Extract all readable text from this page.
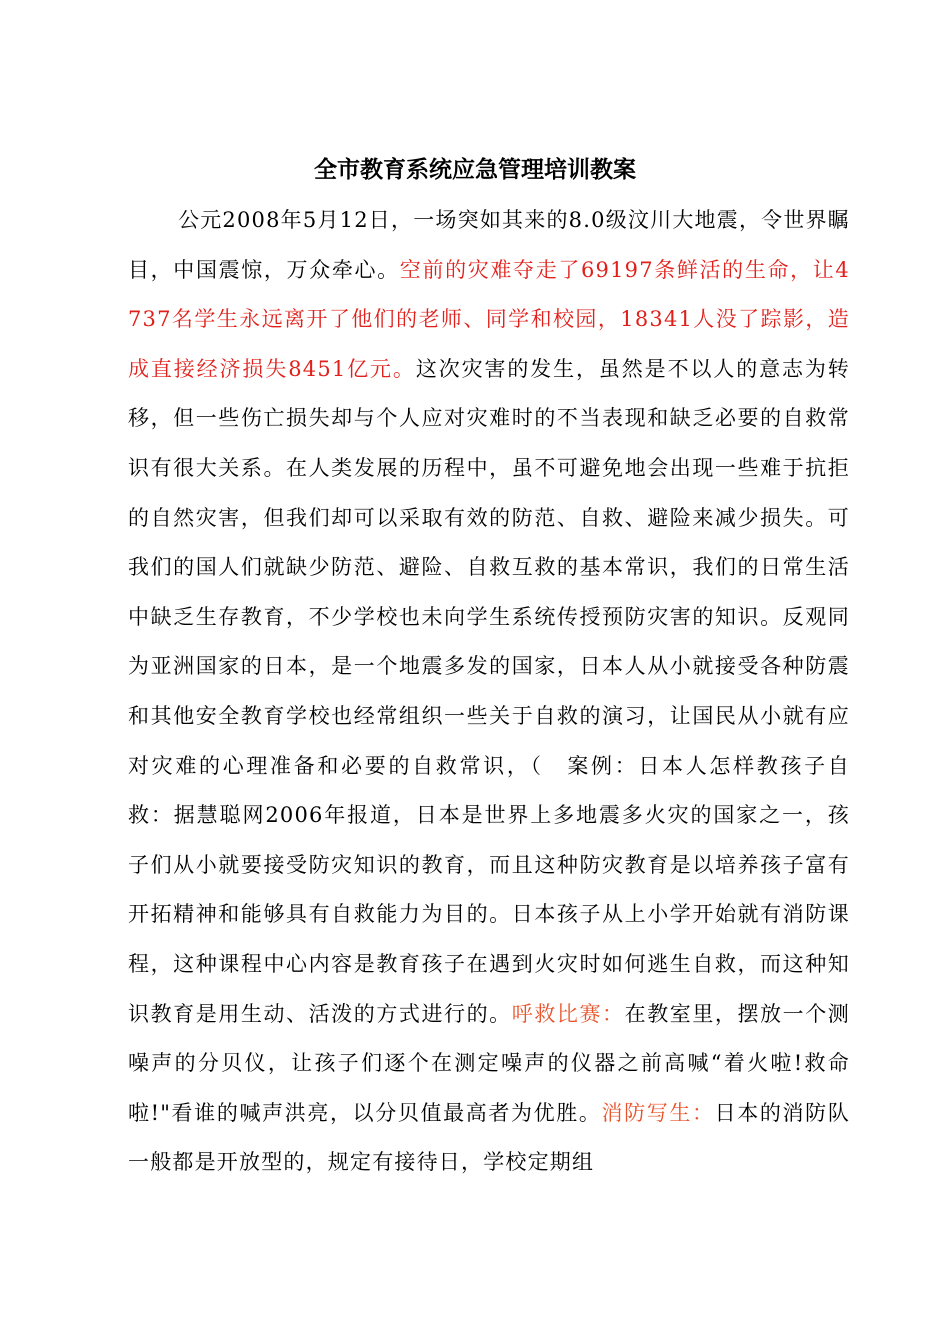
全市教育系统应急管理培训教案

公元2008年5月12日，一场突如其来的8.0级汶川大地震，令世界瞩目，中国震惊，万众牵心。空前的灾难夺走了69197条鲜活的生命，让4737名学生永远离开了他们的老师、同学和校园，18341人没了踪影，造成直接经济损失8451亿元。这次灾害的发生，虽然是不以人的意志为转移，但一些伤亡损失却与个人应对灾难时的不当表现和缺乏必要的自救常识有很大关系。在人类发展的历程中，虽不可避免地会出现一些难于抗拒的自然灾害，但我们却可以采取有效的防范、自救、避险来减少损失。可我们的国人们就缺少防范、避险、自救互救的基本常识，我们的日常生活中缺乏生存教育，不少学校也未向学生系统传授预防灾害的知识。反观同为亚洲国家的日本，是一个地震多发的国家，日本人从小就接受各种防震和其他安全教育学校也经常组织一些关于自救的演习，让国民从小就有应对灾难的心理准备和必要的自救常识，（　案例：日本人怎样教孩子自救：据慧聪网2006年报道，日本是世界上多地震多火灾的国家之一，孩子们从小就要接受防灾知识的教育，而且这种防灾教育是以培养孩子富有开拓精神和能够具有自救能力为目的。日本孩子从上小学开始就有消防课程，这种课程中心内容是教育孩子在遇到火灾时如何逃生自救，而这种知识教育是用生动、活泼的方式进行的。呼救比赛：在教室里，摆放一个测噪声的分贝仪，让孩子们逐个在测定噪声的仪器之前高喊“着火啦!救命啦!"看谁的喊声洪亮，以分贝值最高者为优胜。消防写生：日本的消防队一般都是开放型的，规定有接待日，学校定期组
